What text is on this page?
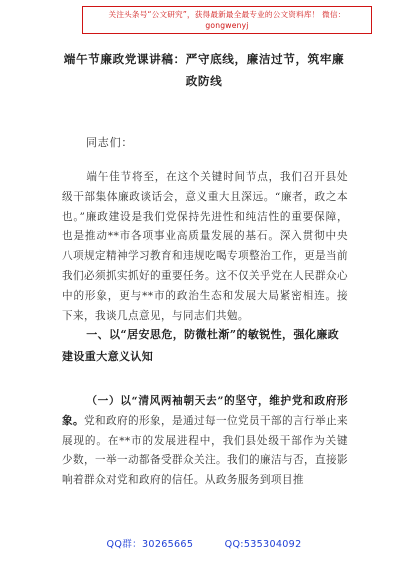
关注头条号“公文研究”，获得最新最全最专业的公文资料库！ 微信：gongwenyj
端午节廉政党课讲稿：严守底线，廉洁过节，筑牢廉政防线
同志们：
端午佳节将至，在这个关键时间节点，我们召开县处级干部集体廉政谈话会，意义重大且深远。“廉者，政之本也。”廉政建设是我们党保持先进性和纯洁性的重要保障，也是推动**市各项事业高质量发展的基石。深入贯彻中央八项规定精神学习教育和违规吃喝专项整治工作，更是当前我们必须抓实抓好的重要任务。这不仅关乎党在人民群众心中的形象，更与**市的政治生态和发展大局紧密相连。接下来，我谈几点意见，与同志们共勉。
一、以“居安思危，防微杜渐”的敏锐性，强化廉政建设重大意义认知
（一）以“清风两袖朝天去”的坚守，维护党和政府形象。党和政府的形象，是通过每一位党员干部的言行举止来展现的。在**市的发展进程中，我们县处级干部作为关键少数，一举一动都备受群众关注。我们的廉洁与否，直接影响着群众对党和政府的信任。从政务服务到项目推
QQ群：30265665	QQ:535304092
